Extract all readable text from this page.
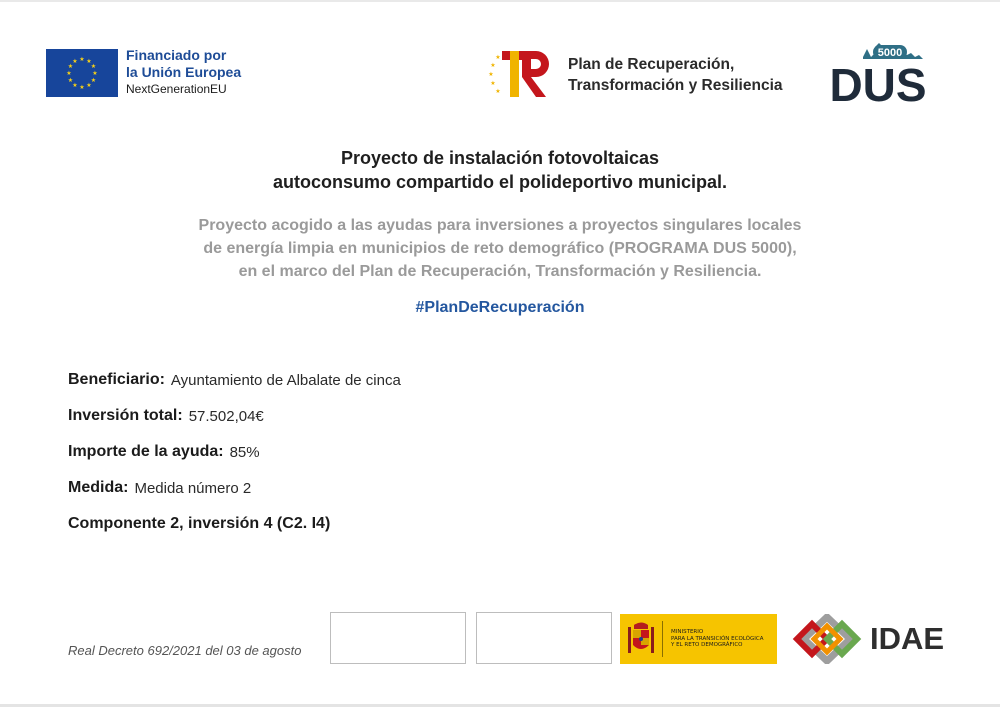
★ ★
★
★
★
★
★
★
★
★
★
★	Financiado por
la Unión Europea
NextGenerationEU
★
★
★
★
★
Plan de Recuperación,
Transformación y Resiliencia
5000
DUS
Proyecto de instalación fotovoltaicas
autoconsumo compartido el polideportivo municipal.
Proyecto acogido a las ayudas para inversiones a proyectos singulares locales
de energía limpia en municipios de reto demográfico (PROGRAMA DUS 5000),
en el marco del Plan de Recuperación, Transformación y Resiliencia.
#PlanDeRecuperación
Beneficiario: Ayuntamiento de Albalate de cinca
Inversión total: 57.502,04€
Importe de la ayuda: 85%
Medida: Medida número 2
Componente 2, inversión 4 (C2. I4)
Real Decreto 692/2021 del 03 de agosto
MINISTERIO
PARA LA TRANSICIÓN ECOLÓGICA
Y EL RETO DEMOGRÁFICO	IDAE
